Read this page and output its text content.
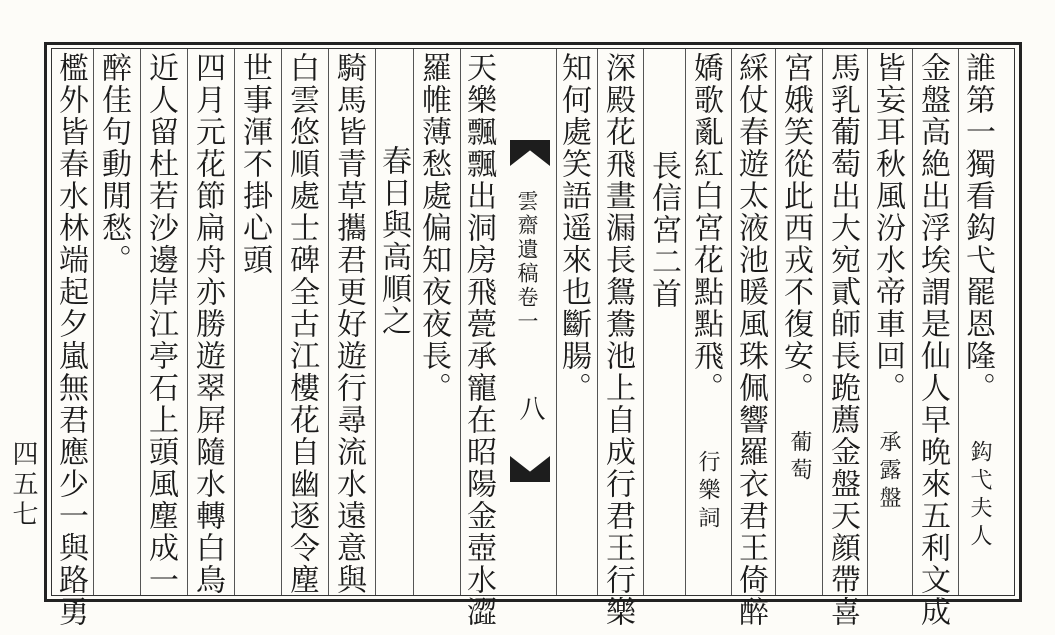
誰第一獨看鈎弋罷恩隆。
金盤高絶出浮埃謂是仙人早晩來五利文成
皆妄耳秋風汾水帝車回。
馬乳葡萄出大宛貳師長跪薦金盤天顔帶喜
宮娥笑從此西戎不復安。
綵仗春遊太液池暖風珠佩響羅衣君王倚醉
嬌歌亂紅白宮花點點飛。
長信宮二首
深殿花飛晝漏長鴛鴦池上自成行君王行樂
知何處笑語遥來也斷腸。
天樂飄飄出洞房飛甍承寵在昭陽金壺水澀
羅帷薄愁處偏知夜夜長。
春日與高順之
騎馬皆青草攜君更好遊行尋流水遠意與
白雲悠順處士碑全古江樓花自幽逐令塵
世事渾不掛心頭
四月元花節扁舟亦勝遊翠屛隨水轉白鳥
近人留杜若沙邊岸江亭石上頭風塵成一
醉佳句動閒愁。
檻外皆春水林端起夕嵐無君應少一與路勇	鈎弋夫人
承露盤
葡萄
行樂詞
雲齋遺稿卷一
八
四五七
